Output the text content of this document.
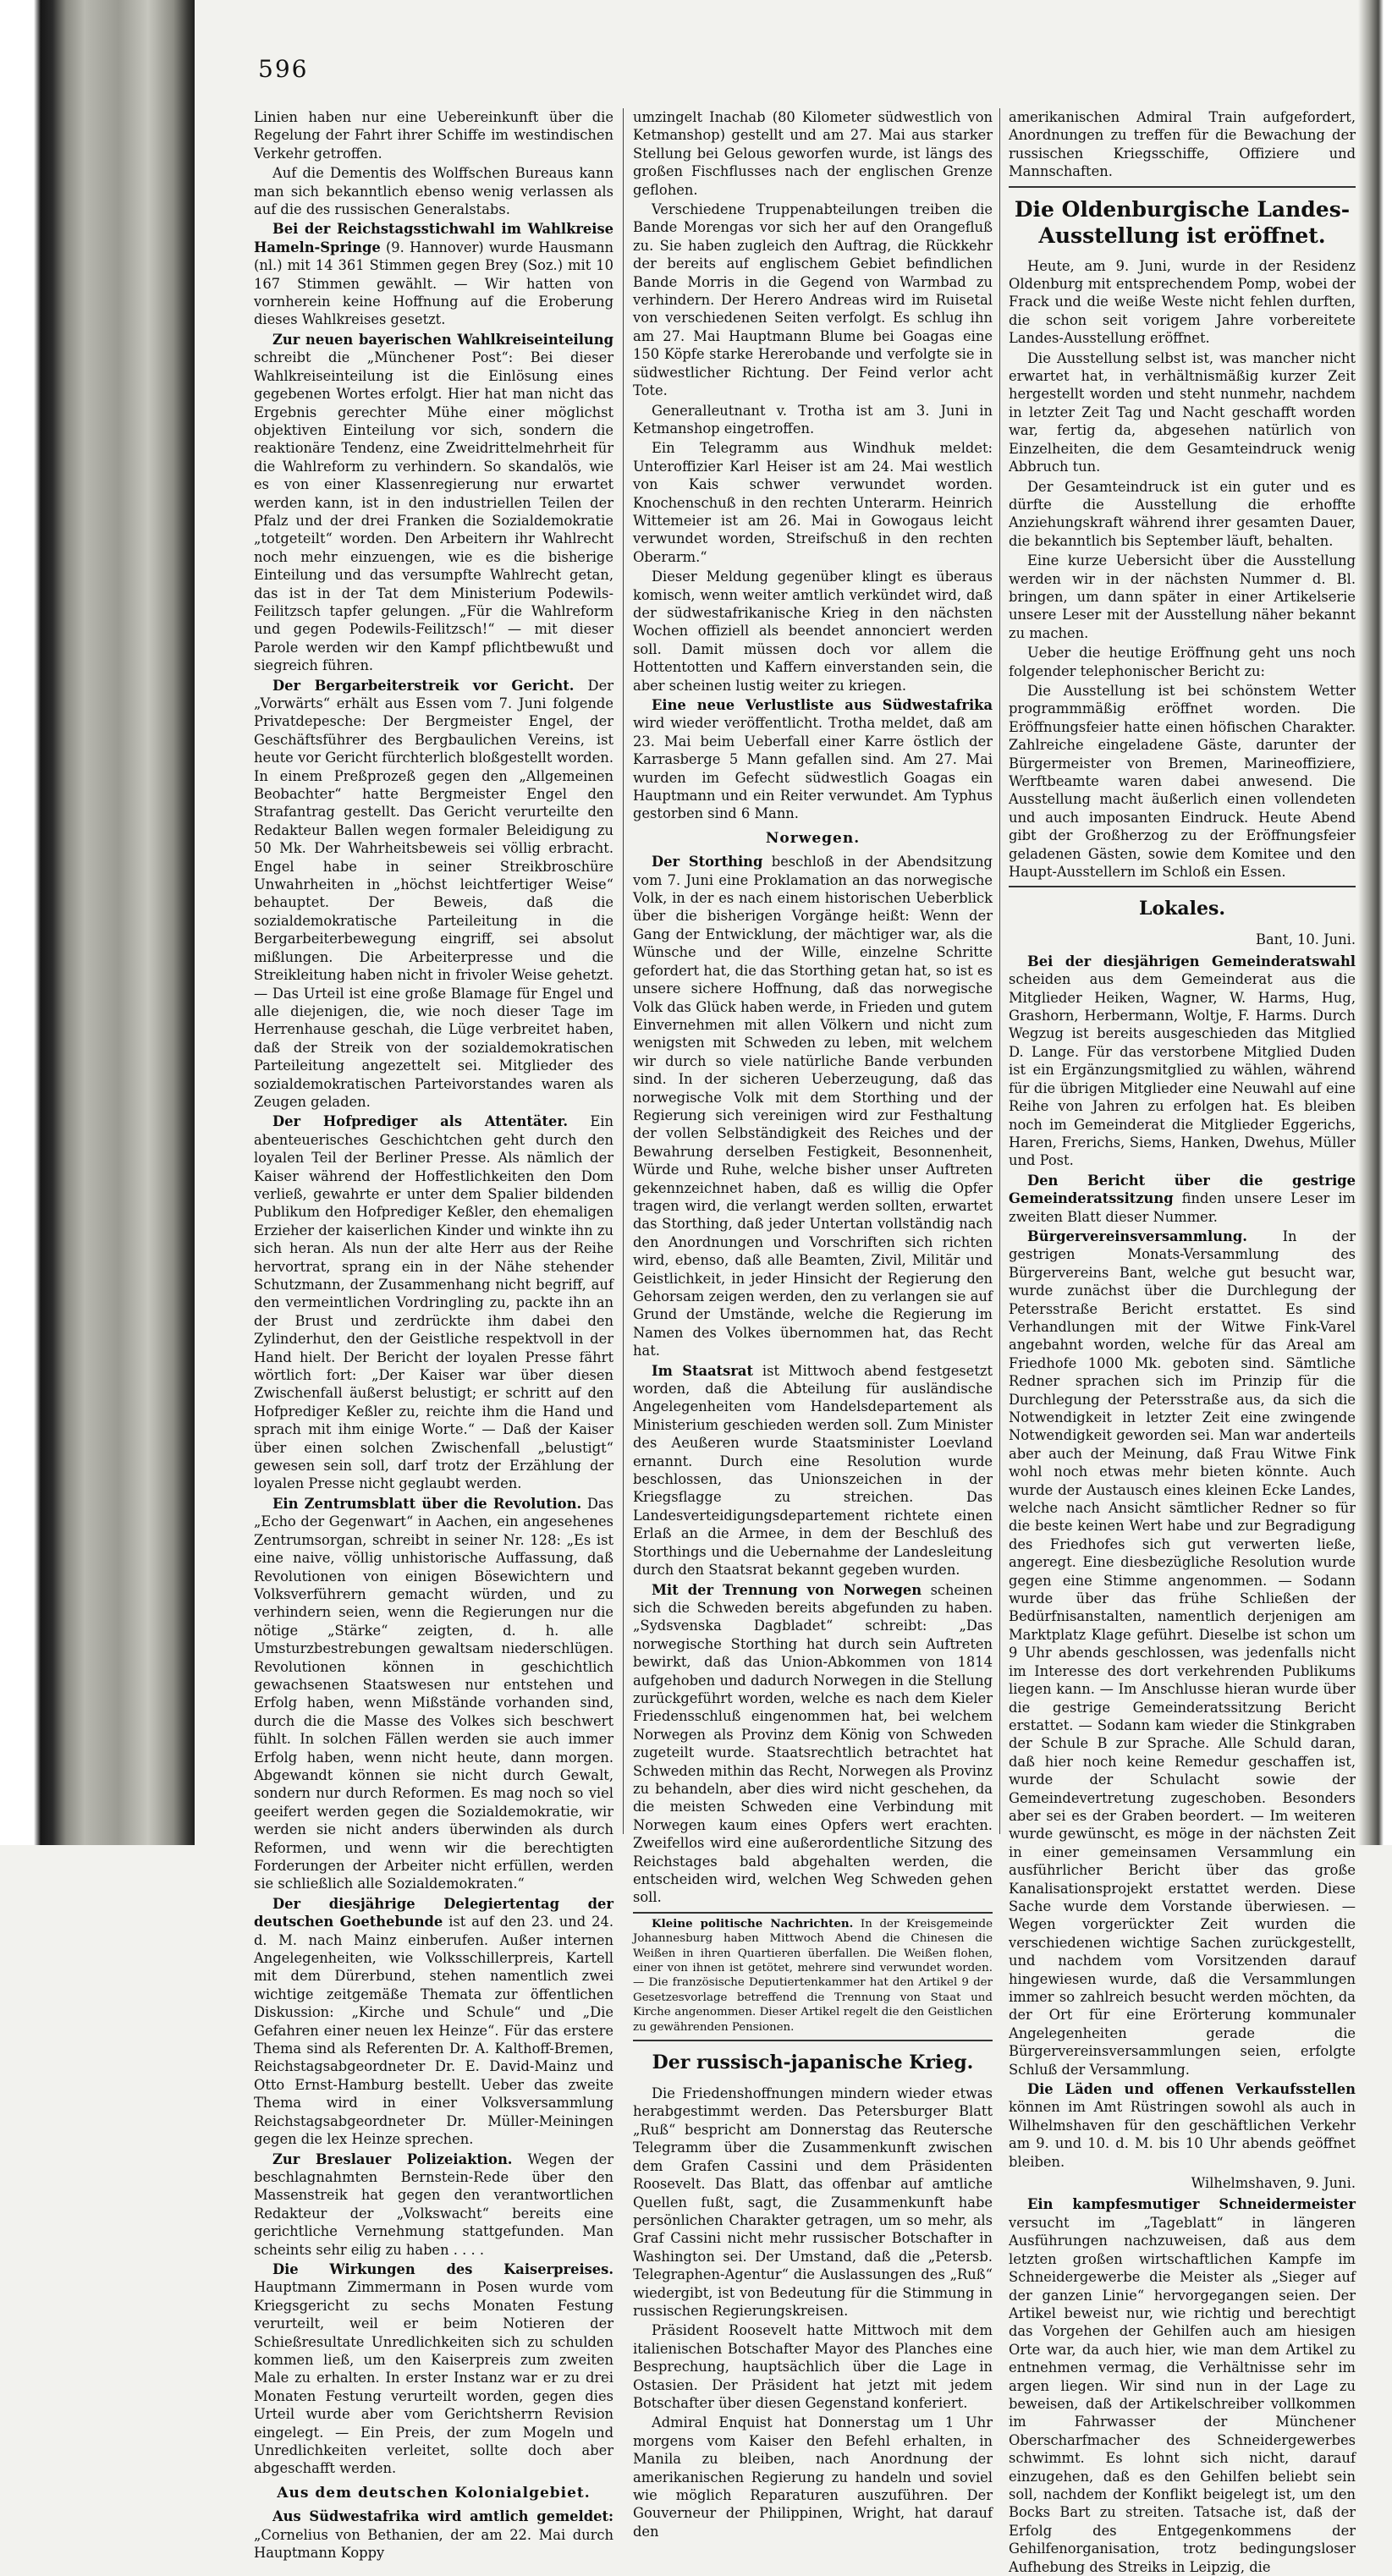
596

Linien haben nur eine Uebereinkunft über die Regelung der Fahrt ihrer Schiffe im westindischen Verkehr getroffen.

Auf die Dementis des Wolffschen Bureaus kann man sich bekanntlich ebenso wenig verlassen als auf die des russischen Generalstabs.

Bei der Reichstagsstichwahl im Wahlkreise Hameln-Springe (9. Hannover) wurde Hausmann (nl.) mit 14 361 Stimmen gegen Brey (Soz.) mit 10 167 Stimmen gewählt. — Wir hatten von vornherein keine Hoffnung auf die Eroberung dieses Wahlkreises gesetzt.

Zur neuen bayerischen Wahlkreiseinteilung schreibt die „Münchener Post“: Bei dieser Wahlkreiseinteilung ist die Einlösung eines gegebenen Wortes erfolgt. Hier hat man nicht das Ergebnis gerechter Mühe einer möglichst objektiven Einteilung vor sich, sondern die reaktionäre Tendenz, eine Zweidrittelmehrheit für die Wahlreform zu verhindern. So skandalös, wie es von einer Klassenregierung nur erwartet werden kann, ist in den industriellen Teilen der Pfalz und der drei Franken die Sozialdemokratie „totgeteilt“ worden. Den Arbeitern ihr Wahlrecht noch mehr einzuengen, wie es die bisherige Einteilung und das versumpfte Wahlrecht getan, das ist in der Tat dem Ministerium Podewils-Feilitzsch tapfer gelungen. „Für die Wahlreform und gegen Podewils-Feilitzsch!“ — mit dieser Parole werden wir den Kampf pflichtbewußt und siegreich führen.

Der Bergarbeiterstreik vor Gericht. Der „Vorwärts“ erhält aus Essen vom 7. Juni folgende Privatdepesche: Der Bergmeister Engel, der Geschäftsführer des Bergbaulichen Vereins, ist heute vor Gericht fürchterlich bloßgestellt worden. In einem Preßprozeß gegen den „Allgemeinen Beobachter“ hatte Bergmeister Engel den Strafantrag gestellt. Das Gericht verurteilte den Redakteur Ballen wegen formaler Beleidigung zu 50 Mk. Der Wahrheitsbeweis sei völlig erbracht. Engel habe in seiner Streikbroschüre Unwahrheiten in „höchst leichtfertiger Weise“ behauptet. Der Beweis, daß die sozialdemokratische Parteileitung in die Bergarbeiterbewegung eingriff, sei absolut mißlungen. Die Arbeiterpresse und die Streikleitung haben nicht in frivoler Weise gehetzt. — Das Urteil ist eine große Blamage für Engel und alle diejenigen, die, wie noch dieser Tage im Herrenhause geschah, die Lüge verbreitet haben, daß der Streik von der sozialdemokratischen Parteileitung angezettelt sei. Mitglieder des sozialdemokratischen Parteivorstandes waren als Zeugen geladen.

Der Hofprediger als Attentäter. Ein abenteuerisches Geschichtchen geht durch den loyalen Teil der Berliner Presse. Als nämlich der Kaiser während der Hoffestlichkeiten den Dom verließ, gewahrte er unter dem Spalier bildenden Publikum den Hofprediger Keßler, den ehemaligen Erzieher der kaiserlichen Kinder und winkte ihn zu sich heran. Als nun der alte Herr aus der Reihe hervortrat, sprang ein in der Nähe stehender Schutzmann, der Zusammenhang nicht begriff, auf den vermeintlichen Vordringling zu, packte ihn an der Brust und zerdrückte ihm dabei den Zylinderhut, den der Geistliche respektvoll in der Hand hielt. Der Bericht der loyalen Presse fährt wörtlich fort: „Der Kaiser war über diesen Zwischenfall äußerst belustigt; er schritt auf den Hofprediger Keßler zu, reichte ihm die Hand und sprach mit ihm einige Worte.“ — Daß der Kaiser über einen solchen Zwischenfall „belustigt“ gewesen sein soll, darf trotz der Erzählung der loyalen Presse nicht geglaubt werden.

Ein Zentrumsblatt über die Revolution. Das „Echo der Gegenwart“ in Aachen, ein angesehenes Zentrumsorgan, schreibt in seiner Nr. 128: „Es ist eine naive, völlig unhistorische Auffassung, daß Revolutionen von einigen Bösewichtern und Volksverführern gemacht würden, und zu verhindern seien, wenn die Regierungen nur die nötige „Stärke“ zeigten, d. h. alle Umsturzbestrebungen gewaltsam niederschlügen. Revolutionen können in geschichtlich gewachsenen Staatswesen nur entstehen und Erfolg haben, wenn Mißstände vorhanden sind, durch die die Masse des Volkes sich beschwert fühlt. In solchen Fällen werden sie auch immer Erfolg haben, wenn nicht heute, dann morgen. Abgewandt können sie nicht durch Gewalt, sondern nur durch Reformen. Es mag noch so viel geeifert werden gegen die Sozialdemokratie, wir werden sie nicht anders überwinden als durch Reformen, und wenn wir die berechtigten Forderungen der Arbeiter nicht erfüllen, werden sie schließlich alle Sozialdemokraten.“

Der diesjährige Delegiertentag der deutschen Goethebunde ist auf den 23. und 24. d. M. nach Mainz einberufen. Außer internen Angelegenheiten, wie Volksschillerpreis, Kartell mit dem Dürerbund, stehen namentlich zwei wichtige zeitgemäße Themata zur öffentlichen Diskussion: „Kirche und Schule“ und „Die Gefahren einer neuen lex Heinze“. Für das erstere Thema sind als Referenten Dr. A. Kalthoff-Bremen, Reichstagsabgeordneter Dr. E. David-Mainz und Otto Ernst-Hamburg bestellt. Ueber das zweite Thema wird in einer Volksversammlung Reichstagsabgeordneter Dr. Müller-Meiningen gegen die lex Heinze sprechen.

Zur Breslauer Polizeiaktion. Wegen der beschlagnahmten Bernstein-Rede über den Massenstreik hat gegen den verantwortlichen Redakteur der „Volkswacht“ bereits eine gerichtliche Vernehmung stattgefunden. Man scheints sehr eilig zu haben . . . .

Die Wirkungen des Kaiserpreises. Hauptmann Zimmermann in Posen wurde vom Kriegsgericht zu sechs Monaten Festung verurteilt, weil er beim Notieren der Schießresultate Unredlichkeiten sich zu schulden kommen ließ, um den Kaiserpreis zum zweiten Male zu erhalten. In erster Instanz war er zu drei Monaten Festung verurteilt worden, gegen dies Urteil wurde aber vom Gerichtsherrn Revision eingelegt. — Ein Preis, der zum Mogeln und Unredlichkeiten verleitet, sollte doch aber abgeschafft werden.

Aus dem deutschen Kolonialgebiet.

Aus Südwestafrika wird amtlich gemeldet: „Cornelius von Bethanien, der am 22. Mai durch Hauptmann Koppy

umzingelt Inachab (80 Kilometer südwestlich von Ketmanshop) gestellt und am 27. Mai aus starker Stellung bei Gelous geworfen wurde, ist längs des großen Fischflusses nach der englischen Grenze geflohen.

Verschiedene Truppenabteilungen treiben die Bande Morengas vor sich her auf den Orangefluß zu. Sie haben zugleich den Auftrag, die Rückkehr der bereits auf englischem Gebiet befindlichen Bande Morris in die Gegend von Warmbad zu verhindern. Der Herero Andreas wird im Ruisetal von verschiedenen Seiten verfolgt. Es schlug ihn am 27. Mai Hauptmann Blume bei Goagas eine 150 Köpfe starke Hererobande und verfolgte sie in südwestlicher Richtung. Der Feind verlor acht Tote.

Generalleutnant v. Trotha ist am 3. Juni in Ketmanshop eingetroffen.

Ein Telegramm aus Windhuk meldet: Unteroffizier Karl Heiser ist am 24. Mai westlich von Kais schwer verwundet worden. Knochenschuß in den rechten Unterarm. Heinrich Wittemeier ist am 26. Mai in Gowogaus leicht verwundet worden, Streifschuß in den rechten Oberarm.“

Dieser Meldung gegenüber klingt es überaus komisch, wenn weiter amtlich verkündet wird, daß der südwestafrikanische Krieg in den nächsten Wochen offiziell als beendet annonciert werden soll. Damit müssen doch vor allem die Hottentotten und Kaffern einverstanden sein, die aber scheinen lustig weiter zu kriegen.

Eine neue Verlustliste aus Südwestafrika wird wieder veröffentlicht. Trotha meldet, daß am 23. Mai beim Ueberfall einer Karre östlich der Karrasberge 5 Mann gefallen sind. Am 27. Mai wurden im Gefecht südwestlich Goagas ein Hauptmann und ein Reiter verwundet. Am Typhus gestorben sind 6 Mann.

Norwegen.

Der Storthing beschloß in der Abendsitzung vom 7. Juni eine Proklamation an das norwegische Volk, in der es nach einem historischen Ueberblick über die bisherigen Vorgänge heißt: Wenn der Gang der Entwicklung, der mächtiger war, als die Wünsche und der Wille, einzelne Schritte gefordert hat, die das Storthing getan hat, so ist es unsere sichere Hoffnung, daß das norwegische Volk das Glück haben werde, in Frieden und gutem Einvernehmen mit allen Völkern und nicht zum wenigsten mit Schweden zu leben, mit welchem wir durch so viele natürliche Bande verbunden sind. In der sicheren Ueberzeugung, daß das norwegische Volk mit dem Storthing und der Regierung sich vereinigen wird zur Festhaltung der vollen Selbständigkeit des Reiches und der Bewahrung derselben Festigkeit, Besonnenheit, Würde und Ruhe, welche bisher unser Auftreten gekennzeichnet haben, daß es willig die Opfer tragen wird, die verlangt werden sollten, erwartet das Storthing, daß jeder Untertan vollständig nach den Anordnungen und Vorschriften sich richten wird, ebenso, daß alle Beamten, Zivil, Militär und Geistlichkeit, in jeder Hinsicht der Regierung den Gehorsam zeigen werden, den zu verlangen sie auf Grund der Umstände, welche die Regierung im Namen des Volkes übernommen hat, das Recht hat.

Im Staatsrat ist Mittwoch abend festgesetzt worden, daß die Abteilung für ausländische Angelegenheiten vom Handelsdepartement als Ministerium geschieden werden soll. Zum Minister des Aeußeren wurde Staatsminister Loevland ernannt. Durch eine Resolution wurde beschlossen, das Unionszeichen in der Kriegsflagge zu streichen. Das Landesverteidigungsdepartement richtete einen Erlaß an die Armee, in dem der Beschluß des Storthings und die Uebernahme der Landesleitung durch den Staatsrat bekannt gegeben wurden.

Mit der Trennung von Norwegen scheinen sich die Schweden bereits abgefunden zu haben. „Sydsvenska Dagbladet“ schreibt: „Das norwegische Storthing hat durch sein Auftreten bewirkt, daß das Union-Abkommen von 1814 aufgehoben und dadurch Norwegen in die Stellung zurückgeführt worden, welche es nach dem Kieler Friedensschluß eingenommen hat, bei welchem Norwegen als Provinz dem König von Schweden zugeteilt wurde. Staatsrechtlich betrachtet hat Schweden mithin das Recht, Norwegen als Provinz zu behandeln, aber dies wird nicht geschehen, da die meisten Schweden eine Verbindung mit Norwegen kaum eines Opfers wert erachten. Zweifellos wird eine außerordentliche Sitzung des Reichstages bald abgehalten werden, die entscheiden wird, welchen Weg Schweden gehen soll.

Kleine politische Nachrichten. In der Kreisgemeinde Johannesburg haben Mittwoch Abend die Chinesen die Weißen in ihren Quartieren überfallen. Die Weißen flohen, einer von ihnen ist getötet, mehrere sind verwundet worden. — Die französische Deputiertenkammer hat den Artikel 9 der Gesetzesvorlage betreffend die Trennung von Staat und Kirche angenommen. Dieser Artikel regelt die den Geistlichen zu gewährenden Pensionen.

Der russisch-japanische Krieg.

Die Friedenshoffnungen mindern wieder etwas herabgestimmt werden. Das Petersburger Blatt „Ruß“ bespricht am Donnerstag das Reutersche Telegramm über die Zusammenkunft zwischen dem Grafen Cassini und dem Präsidenten Roosevelt. Das Blatt, das offenbar auf amtliche Quellen fußt, sagt, die Zusammenkunft habe persönlichen Charakter getragen, um so mehr, als Graf Cassini nicht mehr russischer Botschafter in Washington sei. Der Umstand, daß die „Petersb. Telegraphen-Agentur“ die Auslassungen des „Ruß“ wiedergibt, ist von Bedeutung für die Stimmung in russischen Regierungskreisen.

Präsident Roosevelt hatte Mittwoch mit dem italienischen Botschafter Mayor des Planches eine Besprechung, hauptsächlich über die Lage in Ostasien. Der Präsident hat jetzt mit jedem Botschafter über diesen Gegenstand konferiert.

Admiral Enquist hat Donnerstag um 1 Uhr morgens vom Kaiser den Befehl erhalten, in Manila zu bleiben, nach Anordnung der amerikanischen Regierung zu handeln und soviel wie möglich Reparaturen auszuführen. Der Gouverneur der Philippinen, Wright, hat darauf den

amerikanischen Admiral Train aufgefordert, Anordnungen zu treffen für die Bewachung der russischen Kriegsschiffe, Offiziere und Mannschaften.

Die Oldenburgische Landes-Ausstellung ist eröffnet.

Heute, am 9. Juni, wurde in der Residenz Oldenburg mit entsprechendem Pomp, wobei der Frack und die weiße Weste nicht fehlen durften, die schon seit vorigem Jahre vorbereitete Landes-Ausstellung eröffnet.

Die Ausstellung selbst ist, was mancher nicht erwartet hat, in verhältnismäßig kurzer Zeit hergestellt worden und steht nunmehr, nachdem in letzter Zeit Tag und Nacht geschafft worden war, fertig da, abgesehen natürlich von Einzelheiten, die dem Gesamteindruck wenig Abbruch tun.

Der Gesamteindruck ist ein guter und es dürfte die Ausstellung die erhoffte Anziehungskraft während ihrer gesamten Dauer, die bekanntlich bis September läuft, behalten.

Eine kurze Uebersicht über die Ausstellung werden wir in der nächsten Nummer d. Bl. bringen, um dann später in einer Artikelserie unsere Leser mit der Ausstellung näher bekannt zu machen.

Ueber die heutige Eröffnung geht uns noch folgender telephonischer Bericht zu:

Die Ausstellung ist bei schönstem Wetter programmmäßig eröffnet worden. Die Eröffnungsfeier hatte einen höfischen Charakter. Zahlreiche eingeladene Gäste, darunter der Bürgermeister von Bremen, Marineoffiziere, Werftbeamte waren dabei anwesend. Die Ausstellung macht äußerlich einen vollendeten und auch imposanten Eindruck. Heute Abend gibt der Großherzog zu der Eröffnungsfeier geladenen Gästen, sowie dem Komitee und den Haupt-Ausstellern im Schloß ein Essen.

Lokales.

Bant, 10. Juni.

Bei der diesjährigen Gemeinderatswahl scheiden aus dem Gemeinderat aus die Mitglieder Heiken, Wagner, W. Harms, Hug, Grashorn, Herbermann, Woltje, F. Harms. Durch Wegzug ist bereits ausgeschieden das Mitglied D. Lange. Für das verstorbene Mitglied Duden ist ein Ergänzungsmitglied zu wählen, während für die übrigen Mitglieder eine Neuwahl auf eine Reihe von Jahren zu erfolgen hat. Es bleiben noch im Gemeinderat die Mitglieder Eggerichs, Haren, Frerichs, Siems, Hanken, Dwehus, Müller und Post.

Den Bericht über die gestrige Gemeinderatssitzung finden unsere Leser im zweiten Blatt dieser Nummer.

Bürgervereinsversammlung.	In der gestrigen Monats-Versammlung des Bürgervereins Bant, welche gut besucht war, wurde zunächst über die Durchlegung der Petersstraße Bericht erstattet. Es sind Verhandlungen mit der Witwe Fink-Varel angebahnt worden, welche für das Areal am Friedhofe 1000 Mk. geboten sind. Sämtliche Redner sprachen sich im Prinzip für die Durchlegung der Petersstraße aus, da sich die Notwendigkeit in letzter Zeit eine zwingende Notwendigkeit geworden sei. Man war anderteils aber auch der Meinung, daß Frau Witwe Fink wohl noch etwas mehr bieten könnte. Auch wurde der Austausch eines kleinen Ecke Landes, welche nach Ansicht sämtlicher Redner so für die beste keinen Wert habe und zur Begradigung des Friedhofes sich gut verwerten ließe, angeregt. Eine diesbezügliche Resolution wurde gegen eine Stimme angenommen. — Sodann wurde über das frühe Schließen der Bedürfnisanstalten, namentlich derjenigen am Marktplatz Klage geführt. Dieselbe ist schon um 9 Uhr abends geschlossen, was jedenfalls nicht im Interesse des dort verkehrenden Publikums liegen kann. — Im Anschlusse hieran wurde über die gestrige Gemeinderatssitzung Bericht erstattet. — Sodann kam wieder die Stinkgraben der Schule B zur Sprache. Alle Schuld daran, daß hier noch keine Remedur geschaffen ist, wurde der Schulacht sowie der Gemeindevertretung zugeschoben. Besonders aber sei es der Graben beordert. — Im weiteren wurde gewünscht, es möge in der nächsten Zeit in einer gemeinsamen Versammlung ein ausführlicher Bericht über das große Kanalisationsprojekt erstattet werden. Diese Sache wurde dem Vorstande überwiesen. — Wegen vorgerückter Zeit wurden die verschiedenen wichtige Sachen zurückgestellt, und nachdem vom Vorsitzenden darauf hingewiesen wurde, daß die Versammlungen immer so zahlreich besucht werden möchten, da der Ort für eine Erörterung kommunaler Angelegenheiten gerade die Bürgervereinsversammlungen seien, erfolgte Schluß der Versammlung.

Die Läden und offenen Verkaufsstellen können im Amt Rüstringen sowohl als auch in Wilhelmshaven für den geschäftlichen Verkehr am 9. und 10. d. M. bis 10 Uhr abends geöffnet bleiben.

Wilhelmshaven, 9. Juni.

Ein kampfesmutiger Schneidermeister versucht im „Tageblatt“ in längeren Ausführungen nachzuweisen, daß aus dem letzten großen wirtschaftlichen Kampfe im Schneidergewerbe die Meister als „Sieger auf der ganzen Linie“ hervorgegangen seien. Der Artikel beweist nur, wie richtig und berechtigt das Vorgehen der Gehilfen auch am hiesigen Orte war, da auch hier, wie man dem Artikel zu entnehmen vermag, die Verhältnisse sehr im argen liegen. Wir sind nun in der Lage zu beweisen, daß der Artikelschreiber vollkommen im Fahrwasser der Münchener Oberscharfmacher des Schneidergewerbes schwimmt. Es lohnt sich nicht, darauf einzugehen, daß es den Gehilfen beliebt sein soll, nachdem der Konflikt beigelegt ist, um den Bocks Bart zu streiten. Tatsache ist, daß der Erfolg des Entgegenkommens der Gehilfenorganisation, trotz bedingungsloser Aufhebung des Streiks in Leipzig, die
